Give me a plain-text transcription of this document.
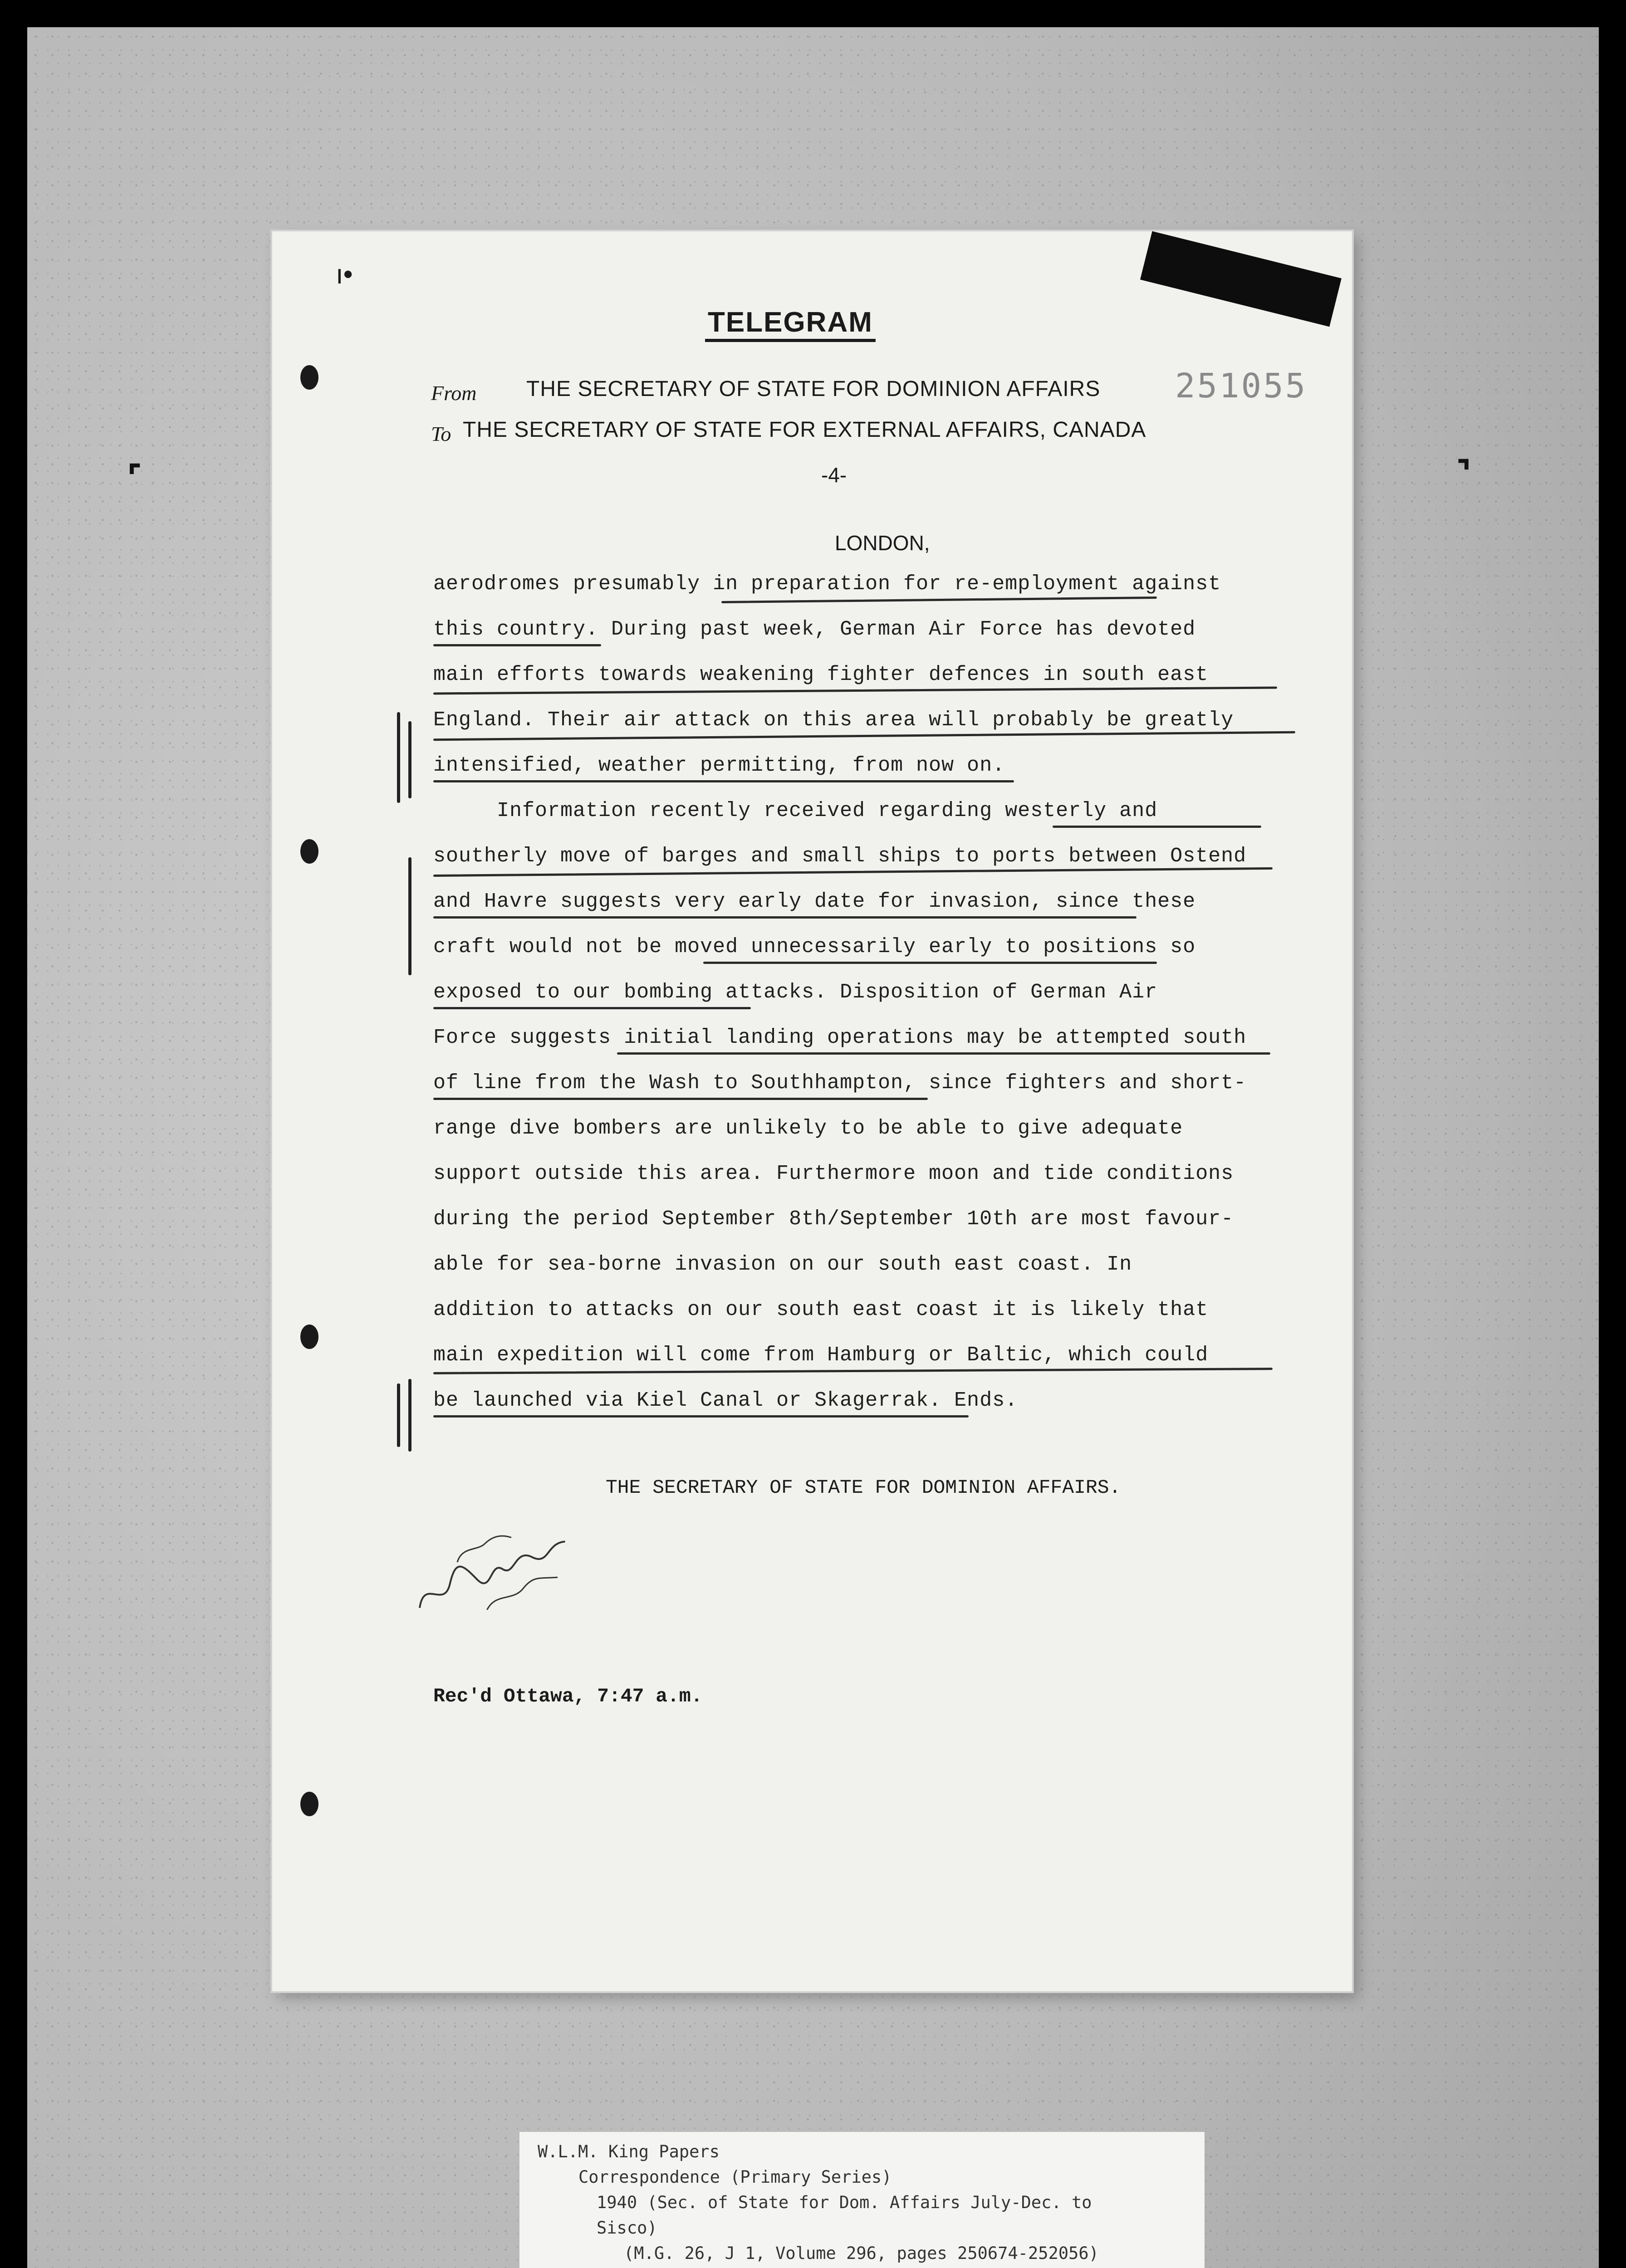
⌜	⌝
ı•
TELEGRAM
From THE SECRETARY OF STATE FOR DOMINION AFFAIRS 251055
To THE SECRETARY OF STATE FOR EXTERNAL AFFAIRS, CANADA
-4-
LONDON,
aerodromes presumably in preparation for re-employment against
this country. During past week, German Air Force has devoted
main efforts towards weakening fighter defences in south east
England. Their air attack on this area will probably be greatly
intensified, weather permitting, from now on.
Information recently received regarding westerly and
southerly move of barges and small ships to ports between Ostend
and Havre suggests very early date for invasion, since these
craft would not be moved unnecessarily early to positions so
exposed to our bombing attacks. Disposition of German Air
Force suggests initial landing operations may be attempted south
of line from the Wash to Southhampton, since fighters and short-
range dive bombers are unlikely to be able to give adequate
support outside this area. Furthermore moon and tide conditions
during the period September 8th/September 10th are most favour-
able for sea-borne invasion on our south east coast. In
addition to attacks on our south east coast it is likely that
main expedition will come from Hamburg or Baltic, which could
be launched via Kiel Canal or Skagerrak. Ends.
THE SECRETARY OF STATE FOR DOMINION AFFAIRS.
Rec'd Ottawa, 7:47 a.m.
W.L.M. King Papers
Correspondence (Primary Series)
1940 (Sec. of State for Dom. Affairs July-Dec. to
Sisco)
(M.G. 26, J 1, Volume 296, pages 250674-252056)
